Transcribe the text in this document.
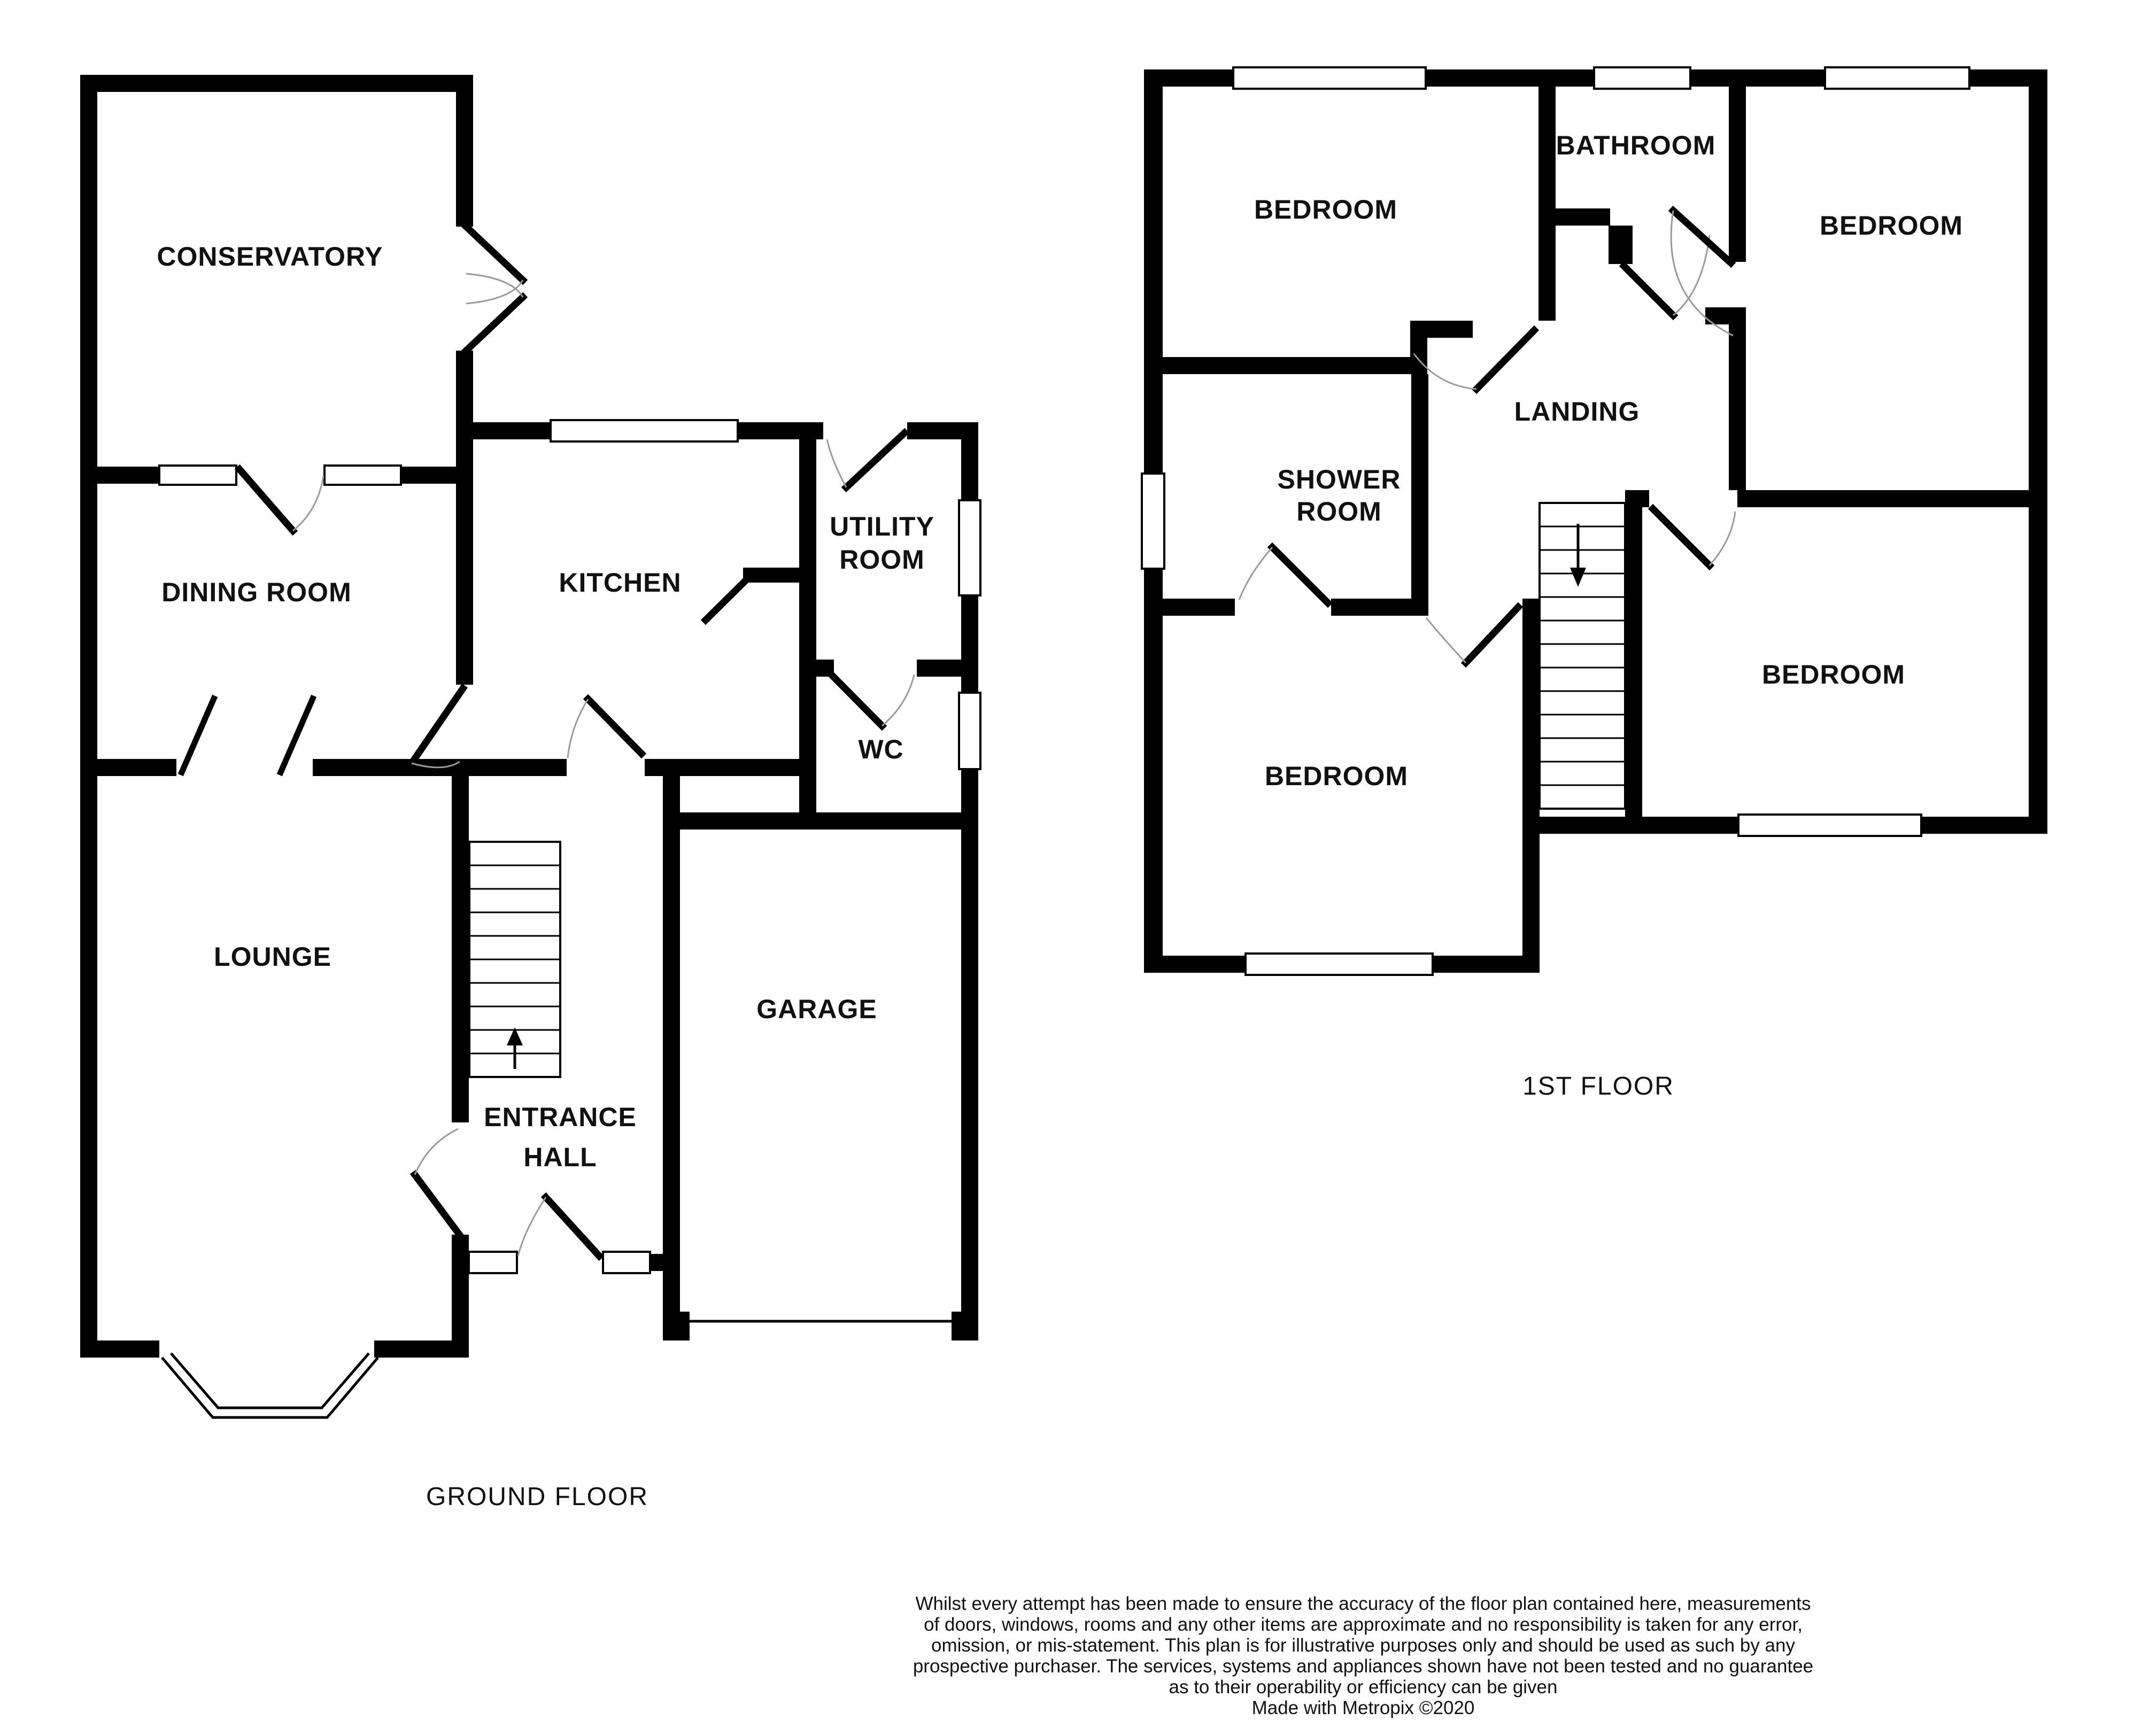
CONSERVATORY
DINING ROOM	KITCHEN
UTILITY
ROOM
WC
LOUNGE
ENTRANCE
HALL
GARAGE
GROUND FLOOR
BEDROOM
BATHROOM
BEDROOM
LANDING
SHOWER
ROOM
BEDROOM
BEDROOM
1ST FLOOR
Whilst every attempt has been made to ensure the accuracy of the floor plan contained here, measurements
of doors, windows, rooms and any other items are approximate and no responsibility is taken for any error,
omission, or mis-statement. This plan is for illustrative purposes only and should be used as such by any
prospective purchaser. The services, systems and appliances shown have not been tested and no guarantee
as to their operability or efficiency can be given
Made with Metropix ©2020
